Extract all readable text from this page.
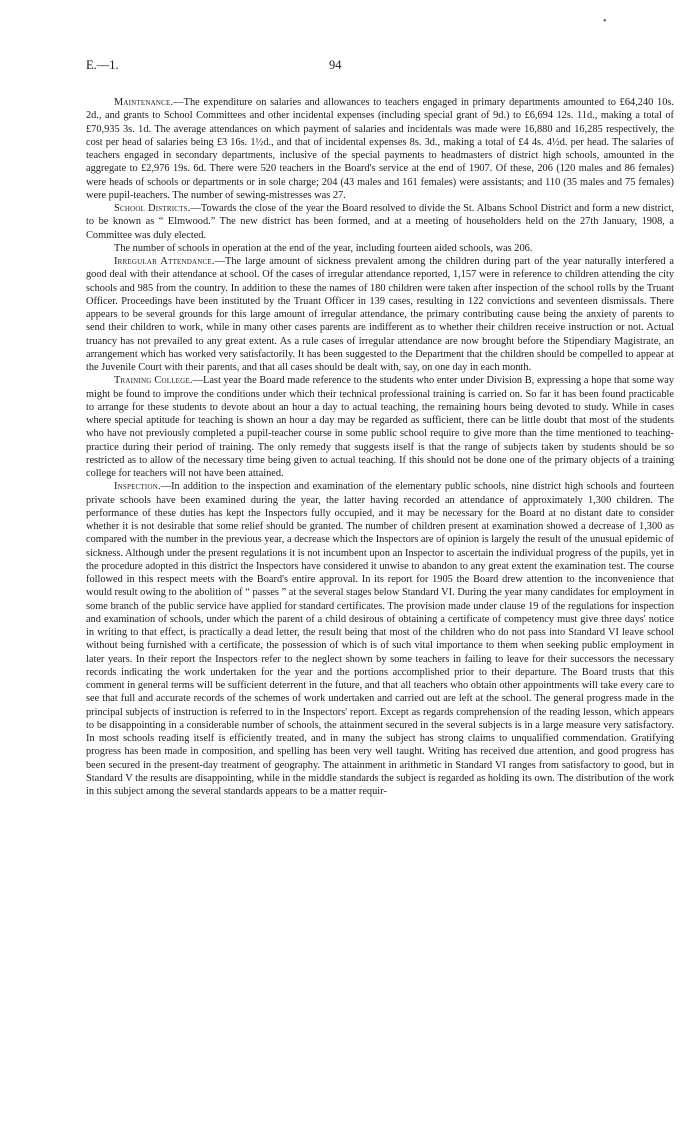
•
E.—1.	94

Maintenance.—The expenditure on salaries and allowances to teachers engaged in primary departments amounted to £64,240 10s. 2d., and grants to School Committees and other incidental expenses (including special grant of 9d.) to £6,694 12s. 11d., making a total of £70,935 3s. 1d. The average attendances on which payment of salaries and incidentals was made were 16,880 and 16,285 respectively, the cost per head of salaries being £3 16s. 1½d., and that of incidental expenses 8s. 3d., making a total of £4 4s. 4½d. per head. The salaries of teachers engaged in secondary departments, inclusive of the special payments to headmasters of district high schools, amounted in the aggregate to £2,976 19s. 6d. There were 520 teachers in the Board's service at the end of 1907. Of these, 206 (120 males and 86 females) were heads of schools or departments or in sole charge; 204 (43 males and 161 females) were assistants; and 110 (35 males and 75 females) were pupil-teachers. The number of sewing-mistresses was 27.

School Districts.—Towards the close of the year the Board resolved to divide the St. Albans School District and form a new district, to be known as “ Elmwood.” The new district has been formed, and at a meeting of householders held on the 27th January, 1908, a Committee was duly elected.

The number of schools in operation at the end of the year, including fourteen aided schools, was 206.

Irregular Attendance.—The large amount of sickness prevalent among the children during part of the year naturally interfered a good deal with their attendance at school. Of the cases of irregular attendance reported, 1,157 were in reference to children attending the city schools and 985 from the country. In addition to these the names of 180 children were taken after inspection of the school rolls by the Truant Officer. Proceedings have been instituted by the Truant Officer in 139 cases, resulting in 122 convictions and seventeen dismissals. There appears to be several grounds for this large amount of irregular attendance, the primary contributing cause being the anxiety of parents to send their children to work, while in many other cases parents are indifferent as to whether their children receive instruction or not. Actual truancy has not prevailed to any great extent. As a rule cases of irregular attendance are now brought before the Stipendiary Magistrate, an arrangement which has worked very satisfactorily. It has been suggested to the Department that the children should be compelled to appear at the Juvenile Court with their parents, and that all cases should be dealt with, say, on one day in each month.

Training College.—Last year the Board made reference to the students who enter under Division B, expressing a hope that some way might be found to improve the conditions under which their technical professional training is carried on. So far it has been found practicable to arrange for these students to devote about an hour a day to actual teaching, the remaining hours being devoted to study. While in cases where special aptitude for teaching is shown an hour a day may be regarded as sufficient, there can be little doubt that most of the students who have not previously completed a pupil-teacher course in some public school require to give more than the time mentioned to teaching-practice during their period of training. The only remedy that suggests itself is that the range of subjects taken by students should be so restricted as to allow of the necessary time being given to actual teaching. If this should not be done one of the primary objects of a training college for teachers will not have been attained.

Inspection.—In addition to the inspection and examination of the elementary public schools, nine district high schools and fourteen private schools have been examined during the year, the latter having recorded an attendance of approximately 1,300 children. The performance of these duties has kept the Inspectors fully occupied, and it may be necessary for the Board at no distant date to consider whether it is not desirable that some relief should be granted. The number of children present at examination showed a decrease of 1,300 as compared with the number in the previous year, a decrease which the Inspectors are of opinion is largely the result of the unusual epidemic of sickness. Although under the present regulations it is not incumbent upon an Inspector to ascertain the individual progress of the pupils, yet in the procedure adopted in this district the Inspectors have considered it unwise to abandon to any great extent the examination test. The course followed in this respect meets with the Board's entire approval. In its report for 1905 the Board drew attention to the inconvenience that would result owing to the abolition of “ passes ” at the several stages below Standard VI. During the year many candidates for employment in some branch of the public service have applied for standard certificates. The provision made under clause 19 of the regulations for inspection and examination of schools, under which the parent of a child desirous of obtaining a certificate of competency must give three days' notice in writing to that effect, is practically a dead letter, the result being that most of the children who do not pass into Standard VI leave school without being furnished with a certificate, the possession of which is of such vital importance to them when seeking public employment in later years. In their report the Inspectors refer to the neglect shown by some teachers in failing to leave for their successors the necessary records indicating the work undertaken for the year and the portions accomplished prior to their departure. The Board trusts that this comment in general terms will be sufficient deterrent in the future, and that all teachers who obtain other appointments will take every care to see that full and accurate records of the schemes of work undertaken and carried out are left at the school. The general progress made in the principal subjects of instruction is referred to in the Inspectors' report. Except as regards comprehension of the reading lesson, which appears to be disappointing in a considerable number of schools, the attainment secured in the several subjects is in a large measure very satisfactory. In most schools reading itself is efficiently treated, and in many the subject has strong claims to unqualified commendation. Gratifying progress has been made in composition, and spelling has been very well taught. Writing has received due attention, and good progress has been secured in the present-day treatment of geography. The attainment in arithmetic in Standard VI ranges from satisfactory to good, but in Standard V the results are disappointing, while in the middle standards the subject is regarded as holding its own. The distribution of the work in this subject among the several standards appears to be a matter requir-
